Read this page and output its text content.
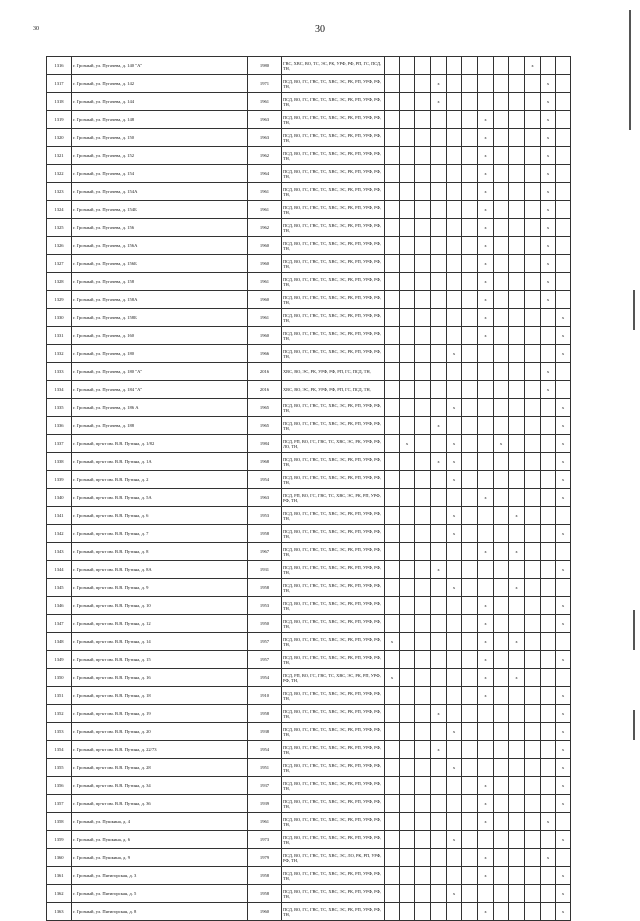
30	30
1316	г. Грозный, ул. Пугачева, д. 140 "А"	1980	ГВС, ХВС, ВО, ТС, ЭС, РК, УРФ, РФ, РП, ГС, ПСД, ТН,										x		
1317	г. Грозный, ул. Пугачева, д. 142	1971	ПСД, ВО, ГС, ГВС, ТС, ХВС, ЭС, РК, РП, УРФ, РФ, ТН,				x							x	
1318	г. Грозный, ул. Пугачева, д. 144	1961	ПСД, ВО, ГС, ГВС, ТС, ХВС, ЭС, РК, РП, УРФ, РФ, ТН,				x							x	
1319	г. Грозный, ул. Пугачева, д. 148	1963	ПСД, ВО, ГС, ГВС, ТС, ХВС, ЭС, РК, РП, УРФ, РФ, ТН,							x				x	
1320	г. Грозный, ул. Пугачева, д. 150	1963	ПСД, ВО, ГС, ГВС, ТС, ХВС, ЭС, РК, РП, УРФ, РФ, ТН,							x				x	
1321	г. Грозный, ул. Пугачева, д. 152	1962	ПСД, ВО, ГС, ГВС, ТС, ХВС, ЭС, РК, РП, УРФ, РФ, ТН,							x				x	
1322	г. Грозный, ул. Пугачева, д. 154	1964	ПСД, ВО, ГС, ГВС, ТС, ХВС, ЭС, РК, РП, УРФ, РФ, ТН,							x				x	
1323	г. Грозный, ул. Пугачева, д. 154А	1961	ПСД, ВО, ГС, ГВС, ТС, ХВС, ЭС, РК, РП, УРФ, РФ, ТН,							x				x	
1324	г. Грозный, ул. Пугачева, д. 154Б	1961	ПСД, ВО, ГС, ГВС, ТС, ХВС, ЭС, РК, РП, УРФ, РФ, ТН,							x				x	
1325	г. Грозный, ул. Пугачева, д. 156	1962	ПСД, ВО, ГС, ГВС, ТС, ХВС, ЭС, РК, РП, УРФ, РФ, ТН,							x				x	
1326	г. Грозный, ул. Пугачева, д. 156А	1960	ПСД, ВО, ГС, ГВС, ТС, ХВС, ЭС, РК, РП, УРФ, РФ, ТН,							x				x	
1327	г. Грозный, ул. Пугачева, д. 156Б	1960	ПСД, ВО, ГС, ГВС, ТС, ХВС, ЭС, РК, РП, УРФ, РФ, ТН,							x				x	
1328	г. Грозный, ул. Пугачева, д. 158	1961	ПСД, ВО, ГС, ГВС, ТС, ХВС, ЭС, РК, РП, УРФ, РФ, ТН,							x				x	
1329	г. Грозный, ул. Пугачева, д. 158А	1960	ПСД, ВО, ГС, ГВС, ТС, ХВС, ЭС, РК, РП, УРФ, РФ, ТН,							x				x	
1330	г. Грозный, ул. Пугачева, д. 158Б	1961	ПСД, ВО, ГС, ГВС, ТС, ХВС, ЭС, РК, РП, УРФ, РФ, ТН,							x					x
1331	г. Грозный, ул. Пугачева, д. 160	1960	ПСД, ВО, ГС, ГВС, ТС, ХВС, ЭС, РК, РП, УРФ, РФ, ТН,							x					x
1332	г. Грозный, ул. Пугачева, д. 180	1966	ПСД, ВО, ГС, ГВС, ТС, ХВС, ЭС, РК, РП, УРФ, РФ, ТН,					x							x
1333	г. Грозный, ул. Пугачева, д. 180 "А"	2016	ХВС, ВО, ЭС, РК, УРФ, РФ, РП, ГС, ПСД, ТН,											x	
1334	г. Грозный, ул. Пугачева, д. 184 "А"	2016	ХВС, ВО, ЭС, РК, УРФ, РФ, РП, ГС, ПСД, ТН,											x	
1335	г. Грозный, ул. Пугачева, д. 186 А	1965	ПСД, ВО, ГС, ГВС, ТС, ХВС, ЭС, РК, РП, УРФ, РФ, ТН,					x							x
1336	г. Грозный, ул. Пугачева, д. 188	1965	ПСД, ВО, ГС, ГВС, ТС, ХВС, ЭС, РК, РП, УРФ, РФ, ТН,				x								x
1337	г. Грозный, пр-кт им. В.В. Путина, д. 1/82	1984	ПСД, РП, ВО, ГС, ГВС, ТС, ХВС, ЭС, РК, УРФ, РФ, ЛО, ТН,		x			x			x				x
1338	г. Грозный, пр-кт им. В.В. Путина, д. 1А	1968	ПСД, ВО, ГС, ГВС, ТС, ХВС, ЭС, РК, РП, УРФ, РФ, ТН,				x	x							x
1339	г. Грозный, пр-кт им. В.В. Путина, д. 2	1954	ПСД, ВО, ГС, ГВС, ТС, ХВС, ЭС, РК, РП, УРФ, РФ, ТН,					x							x
1340	г. Грозный, пр-кт им. В.В. Путина, д. 5А	1963	ПСД, РП, ВО, ГС, ГВС, ТС, ХВС, ЭС, РК, РП, УРФ, РФ, ТН,							x					x
1341	г. Грозный, пр-кт им. В.В. Путина, д. 6	1953	ПСД, ВО, ГС, ГВС, ТС, ХВС, ЭС, РК, РП, УРФ, РФ, ТН,					x				x			
1342	г. Грозный, пр-кт им. В.В. Путина, д. 7	1958	ПСД, ВО, ГС, ГВС, ТС, ХВС, ЭС, РК, РП, УРФ, РФ, ТН,					x							x
1343	г. Грозный, пр-кт им. В.В. Путина, д. 8	1967	ПСД, ВО, ГС, ГВС, ТС, ХВС, ЭС, РК, РП, УРФ, РФ, ТН,							x		x			
1344	г. Грозный, пр-кт им. В.В. Путина, д. 8А	1931	ПСД, ВО, ГС, ГВС, ТС, ХВС, ЭС, РК, РП, УРФ, РФ, ТН,				x								x
1345	г. Грозный, пр-кт им. В.В. Путина, д. 9	1958	ПСД, ВО, ГС, ГВС, ТС, ХВС, ЭС, РК, РП, УРФ, РФ, ТН,					x				x			
1346	г. Грозный, пр-кт им. В.В. Путина, д. 10	1953	ПСД, ВО, ГС, ГВС, ТС, ХВС, ЭС, РК, РП, УРФ, РФ, ТН,							x					x
1347	г. Грозный, пр-кт им. В.В. Путина, д. 12	1950	ПСД, ВО, ГС, ГВС, ТС, ХВС, ЭС, РК, РП, УРФ, РФ, ТН,							x					x
1348	г. Грозный, пр-кт им. В.В. Путина, д. 14	1957	ПСД, ВО, ГС, ГВС, ТС, ХВС, ЭС, РК, РП, УРФ, РФ, ТН,	x						x		x			
1349	г. Грозный, пр-кт им. В.В. Путина, д. 15	1957	ПСД, ВО, ГС, ГВС, ТС, ХВС, ЭС, РК, РП, УРФ, РФ, ТН,							x					x
1350	г. Грозный, пр-кт им. В.В. Путина, д. 16	1954	ПСД, РП, ВО, ГС, ГВС, ТС, ХВС, ЭС, РК, РП, УРФ, РФ, ТН,	x						x		x			
1351	г. Грозный, пр-кт им. В.В. Путина, д. 18	1910	ПСД, ВО, ГС, ГВС, ТС, ХВС, ЭС, РК, РП, УРФ, РФ, ТН,							x					x
1352	г. Грозный, пр-кт им. В.В. Путина, д. 19	1958	ПСД, ВО, ГС, ГВС, ТС, ХВС, ЭС, РК, РП, УРФ, РФ, ТН,				x								x
1353	г. Грозный, пр-кт им. В.В. Путина, д. 20	1938	ПСД, ВО, ГС, ГВС, ТС, ХВС, ЭС, РК, РП, УРФ, РФ, ТН,					x							x
1354	г. Грозный, пр-кт им. В.В. Путина, д. 22/73	1954	ПСД, ВО, ГС, ГВС, ТС, ХВС, ЭС, РК, РП, УРФ, РФ, ТН,				x								x
1355	г. Грозный, пр-кт им. В.В. Путина, д. 28	1951	ПСД, ВО, ГС, ГВС, ТС, ХВС, ЭС, РК, РП, УРФ, РФ, ТН,					x							x
1356	г. Грозный, пр-кт им. В.В. Путина, д. 34	1937	ПСД, ВО, ГС, ГВС, ТС, ХВС, ЭС, РК, РП, УРФ, РФ, ТН,							x					x
1357	г. Грозный, пр-кт им. В.В. Путина, д. 36	1939	ПСД, ВО, ГС, ГВС, ТС, ХВС, ЭС, РК, РП, УРФ, РФ, ТН,							x					x
1358	г. Грозный, ул. Пушкина, д. 4	1961	ПСД, ВО, ГС, ГВС, ТС, ХВС, ЭС, РК, РП, УРФ, РФ, ТН,							x				x	
1359	г. Грозный, ул. Пушкина, д. 6	1973	ПСД, ВО, ГС, ГВС, ТС, ХВС, ЭС, РК, РП, УРФ, РФ, ТН,					x							x
1360	г. Грозный, ул. Пушкина, д. 9	1979	ПСД, ВО, ГС, ГВС, ТС, ХВС, ЭС, ЛО, РК, РП, УРФ, РФ, ТН,							x				x	
1361	г. Грозный, ул. Пятигорская, д. 3	1958	ПСД, ВО, ГС, ГВС, ТС, ХВС, ЭС, РК, РП, УРФ, РФ, ТН,							x					x
1362	г. Грозный, ул. Пятигорская, д. 5	1958	ПСД, ВО, ГС, ГВС, ТС, ХВС, ЭС, РК, РП, УРФ, РФ, ТН,					x							x
1363	г. Грозный, ул. Пятигорская, д. 8	1960	ПСД, ВО, ГС, ГВС, ТС, ХВС, ЭС, РК, РП, УРФ, РФ, ТН,							x					x
